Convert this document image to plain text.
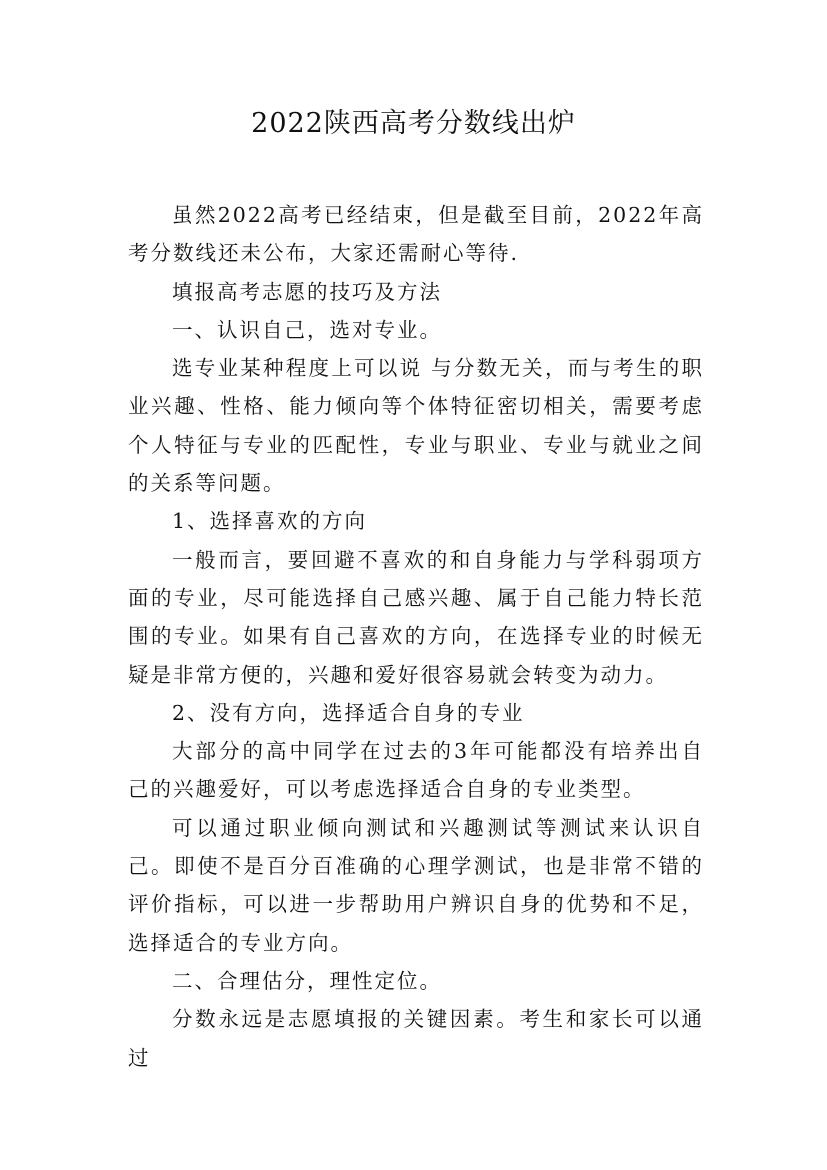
2022陕西高考分数线出炉

虽然2022高考已经结束，但是截至目前，2022年高考分数线还未公布，大家还需耐心等待.

填报高考志愿的技巧及方法

一、认识自己，选对专业。

选专业某种程度上可以说 与分数无关，而与考生的职业兴趣、性格、能力倾向等个体特征密切相关，需要考虑个人特征与专业的匹配性，专业与职业、专业与就业之间的关系等问题。

1、选择喜欢的方向

一般而言，要回避不喜欢的和自身能力与学科弱项方面的专业，尽可能选择自己感兴趣、属于自己能力特长范围的专业。如果有自己喜欢的方向，在选择专业的时候无疑是非常方便的，兴趣和爱好很容易就会转变为动力。

2、没有方向，选择适合自身的专业

大部分的高中同学在过去的3年可能都没有培养出自己的兴趣爱好，可以考虑选择适合自身的专业类型。

可以通过职业倾向测试和兴趣测试等测试来认识自己。即使不是百分百准确的心理学测试，也是非常不错的评价指标，可以进一步帮助用户辨识自身的优势和不足，选择适合的专业方向。

二、合理估分，理性定位。

分数永远是志愿填报的关键因素。考生和家长可以通过
